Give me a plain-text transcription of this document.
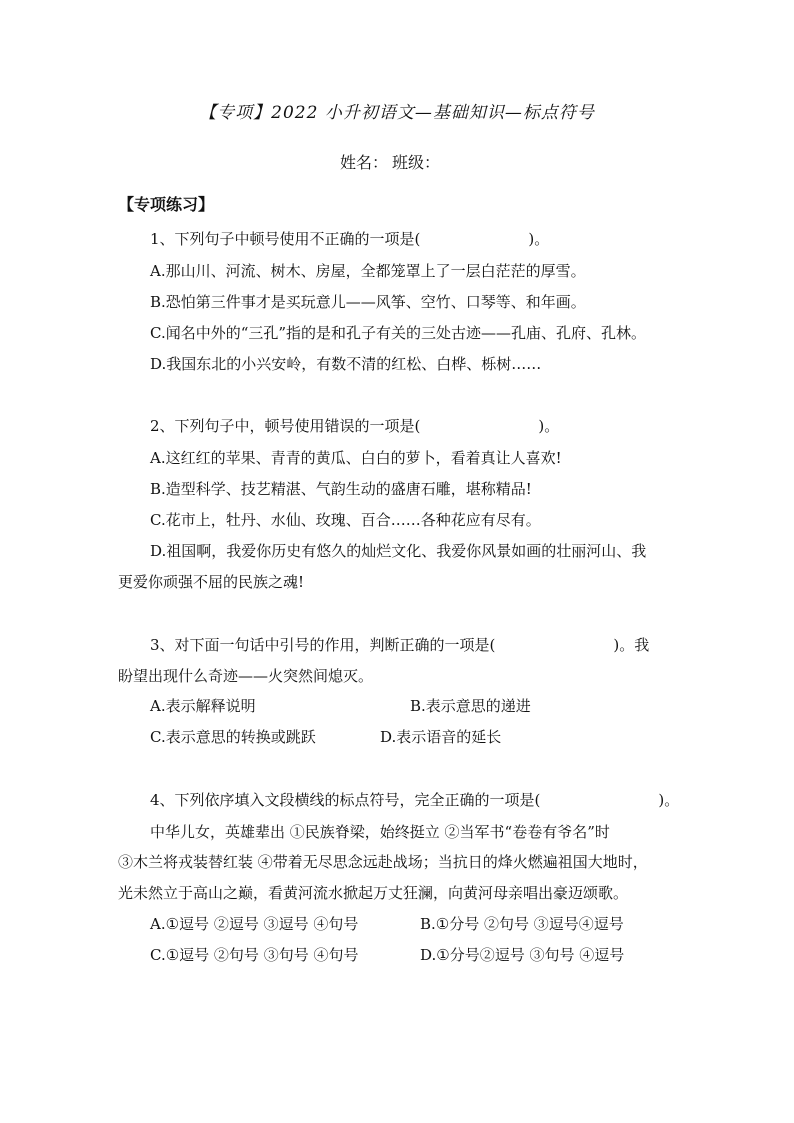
【专项】2022 小升初语文—基础知识—标点符号
姓名： 班级：
【专项练习】
1、下列句子中顿号使用不正确的一项是(	)。
A.那山川、河流、树木、房屋，全都笼罩上了一层白茫茫的厚雪。
B.恐怕第三件事才是买玩意儿——风筝、空竹、口琴等、和年画。
C.闻名中外的“三孔”指的是和孔子有关的三处古迹——孔庙、孔府、孔林。
D.我国东北的小兴安岭，有数不清的红松、白桦、栎树……
2、下列句子中，顿号使用错误的一项是(	)。
A.这红红的苹果、青青的黄瓜、白白的萝卜，看着真让人喜欢!
B.造型科学、技艺精湛、气韵生动的盛唐石雕，堪称精品!
C.花市上，牡丹、水仙、玫瑰、百合……各种花应有尽有。
D.祖国啊，我爱你历史有悠久的灿烂文化、我爱你风景如画的壮丽河山、我
更爱你顽强不屈的民族之魂!
3、对下面一句话中引号的作用，判断正确的一项是(	)。我
盼望出现什么奇迹——火突然间熄灭。
A.表示解释说明	B.表示意思的递进
C.表示意思的转换或跳跃	D.表示语音的延长
4、下列依序填入文段横线的标点符号，完全正确的一项是(	)。
中华儿女，英雄辈出 ①民族脊梁，始终挺立 ②当军书“卷卷有爷名”时
③木兰将戎装替红装 ④带着无尽思念远赴战场；当抗日的烽火燃遍祖国大地时，
光未然立于高山之巅，看黄河流水掀起万丈狂澜，向黄河母亲唱出豪迈颂歌。
A.①逗号 ②逗号 ③逗号 ④句号	B.①分号 ②句号 ③逗号④逗号
C.①逗号 ②句号 ③句号 ④句号	D.①分号②逗号 ③句号 ④逗号
